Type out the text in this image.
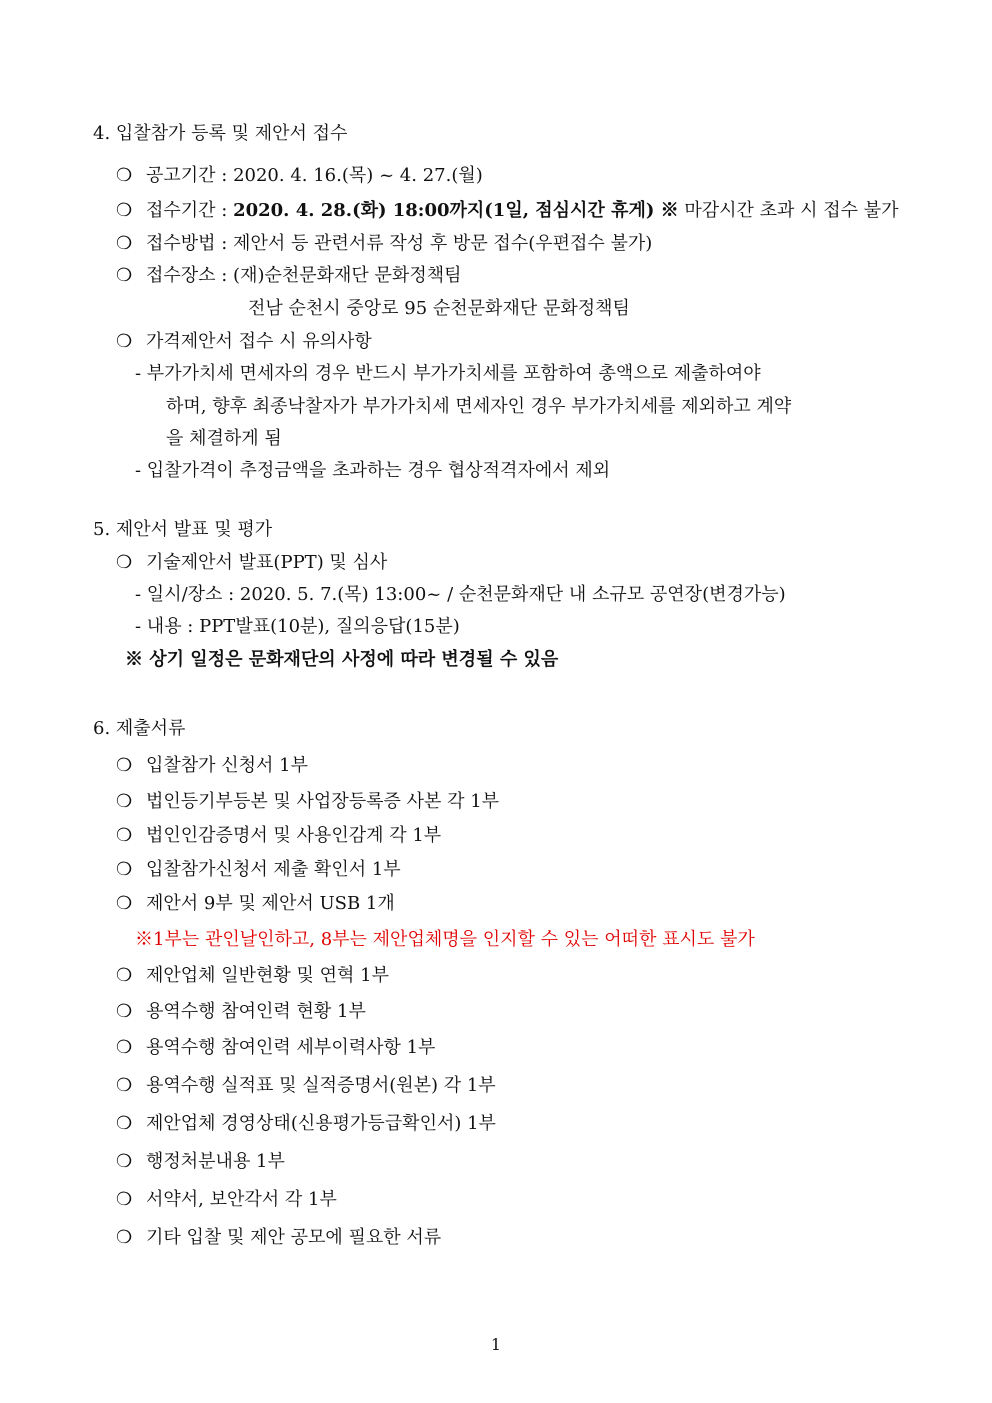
4. 입찰참가 등록 및 제안서 접수
❍ 공고기간 : 2020. 4. 16.(목) ~ 4. 27.(월)
❍ 접수기간 : 2020. 4. 28.(화) 18:00까지(1일, 점심시간 휴게) ※ 마감시간 초과 시 접수 불가
❍ 접수방법 : 제안서 등 관련서류 작성 후 방문 접수(우편접수 불가)
❍ 접수장소 : (재)순천문화재단 문화정책팀
전남 순천시 중앙로 95 순천문화재단 문화정책팀
❍ 가격제안서 접수 시 유의사항
- 부가가치세 면세자의 경우 반드시 부가가치세를 포함하여 총액으로 제출하여야
하며, 향후 최종낙찰자가 부가가치세 면세자인 경우 부가가치세를 제외하고 계약
을 체결하게 됨
- 입찰가격이 추정금액을 초과하는 경우 협상적격자에서 제외
5. 제안서 발표 및 평가
❍ 기술제안서 발표(PPT) 및 심사
- 일시/장소 : 2020. 5. 7.(목) 13:00~ / 순천문화재단 내 소규모 공연장(변경가능)
- 내용 : PPT발표(10분), 질의응답(15분)
※ 상기 일정은 문화재단의 사정에 따라 변경될 수 있음
6. 제출서류
❍ 입찰참가 신청서 1부
❍ 법인등기부등본 및 사업장등록증 사본 각 1부
❍ 법인인감증명서 및 사용인감계 각 1부
❍ 입찰참가신청서 제출 확인서 1부
❍ 제안서 9부 및 제안서 USB 1개
※1부는 관인날인하고, 8부는 제안업체명을 인지할 수 있는 어떠한 표시도 불가
❍ 제안업체 일반현황 및 연혁 1부
❍ 용역수행 참여인력 현황 1부
❍ 용역수행 참여인력 세부이력사항 1부
❍ 용역수행 실적표 및 실적증명서(원본) 각 1부
❍ 제안업체 경영상태(신용평가등급확인서) 1부
❍ 행정처분내용 1부
❍ 서약서, 보안각서 각 1부
❍ 기타 입찰 및 제안 공모에 필요한 서류
1
